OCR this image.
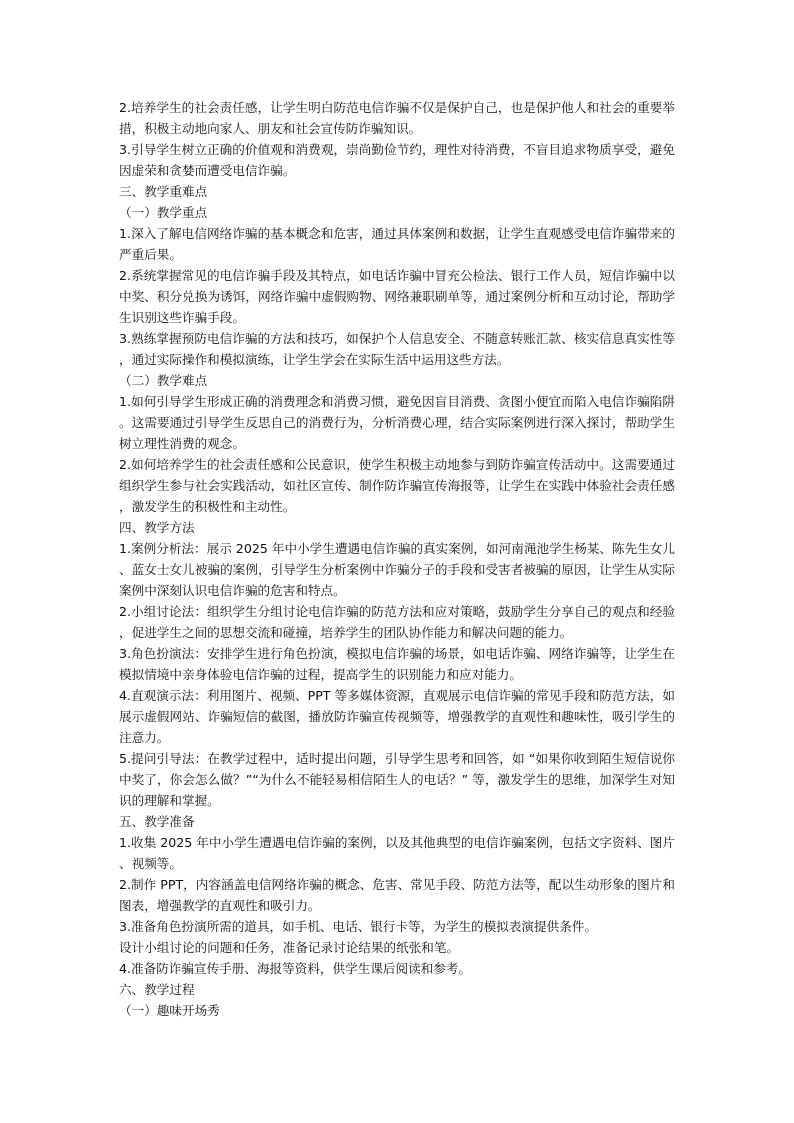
2.培养学生的社会责任感，让学生明白防范电信诈骗不仅是保护自己，也是保护他人和社会的重要举措，积极主动地向家人、朋友和社会宣传防诈骗知识。

3.引导学生树立正确的价值观和消费观，崇尚勤俭节约，理性对待消费，不盲目追求物质享受，避免因虚荣和贪婪而遭受电信诈骗。

三、教学重难点

（一）教学重点

1.深入了解电信网络诈骗的基本概念和危害，通过具体案例和数据，让学生直观感受电信诈骗带来的严重后果。

2.系统掌握常见的电信诈骗手段及其特点，如电话诈骗中冒充公检法、银行工作人员，短信诈骗中以中奖、积分兑换为诱饵，网络诈骗中虚假购物、网络兼职刷单等，通过案例分析和互动讨论，帮助学生识别这些诈骗手段。

3.熟练掌握预防电信诈骗的方法和技巧，如保护个人信息安全、不随意转账汇款、核实信息真实性等，通过实际操作和模拟演练，让学生学会在实际生活中运用这些方法。

（二）教学难点

1.如何引导学生形成正确的消费理念和消费习惯，避免因盲目消费、贪图小便宜而陷入电信诈骗陷阱。这需要通过引导学生反思自己的消费行为，分析消费心理，结合实际案例进行深入探讨，帮助学生树立理性消费的观念。

2.如何培养学生的社会责任感和公民意识，使学生积极主动地参与到防诈骗宣传活动中。这需要通过组织学生参与社会实践活动，如社区宣传、制作防诈骗宣传海报等，让学生在实践中体验社会责任感，激发学生的积极性和主动性。

四、教学方法

1.案例分析法：展示 2025 年中小学生遭遇电信诈骗的真实案例，如河南渑池学生杨某、陈先生女儿、蓝女士女儿被骗的案例，引导学生分析案例中诈骗分子的手段和受害者被骗的原因，让学生从实际案例中深刻认识电信诈骗的危害和特点。

2.小组讨论法：组织学生分组讨论电信诈骗的防范方法和应对策略，鼓励学生分享自己的观点和经验，促进学生之间的思想交流和碰撞，培养学生的团队协作能力和解决问题的能力。

3.角色扮演法：安排学生进行角色扮演，模拟电信诈骗的场景，如电话诈骗、网络诈骗等，让学生在模拟情境中亲身体验电信诈骗的过程，提高学生的识别能力和应对能力。

4.直观演示法：利用图片、视频、PPT 等多媒体资源，直观展示电信诈骗的常见手段和防范方法，如展示虚假网站、诈骗短信的截图，播放防诈骗宣传视频等，增强教学的直观性和趣味性，吸引学生的注意力。

5.提问引导法：在教学过程中，适时提出问题，引导学生思考和回答，如 “如果你收到陌生短信说你中奖了，你会怎么做？”“为什么不能轻易相信陌生人的电话？” 等，激发学生的思维，加深学生对知识的理解和掌握。

五、教学准备

1.收集 2025 年中小学生遭遇电信诈骗的案例，以及其他典型的电信诈骗案例，包括文字资料、图片、视频等。

2.制作 PPT，内容涵盖电信网络诈骗的概念、危害、常见手段、防范方法等，配以生动形象的图片和图表，增强教学的直观性和吸引力。

3.准备角色扮演所需的道具，如手机、电话、银行卡等，为学生的模拟表演提供条件。

设计小组讨论的问题和任务，准备记录讨论结果的纸张和笔。

4.准备防诈骗宣传手册、海报等资料，供学生课后阅读和参考。

六、教学过程

（一）趣味开场秀
